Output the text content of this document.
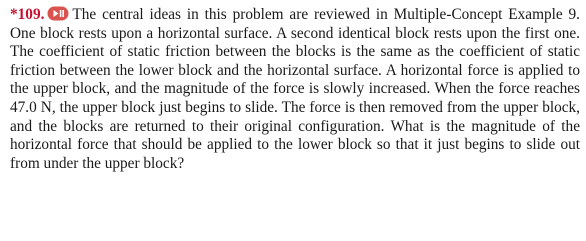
*109. The central ideas in this problem are reviewed in Multiple-Concept Example 9. One block rests upon a horizontal surface. A second identical block rests upon the first one. The coefficient of static friction between the blocks is the same as the coefficient of static friction between the lower block and the horizontal surface. A horizontal force is applied to the upper block, and the magnitude of the force is slowly increased. When the force reaches 47.0 N, the upper block just begins to slide. The force is then removed from the upper block, and the blocks are returned to their original configuration. What is the magnitude of the horizontal force that should be applied to the lower block so that it just begins to slide out from under the upper block?
